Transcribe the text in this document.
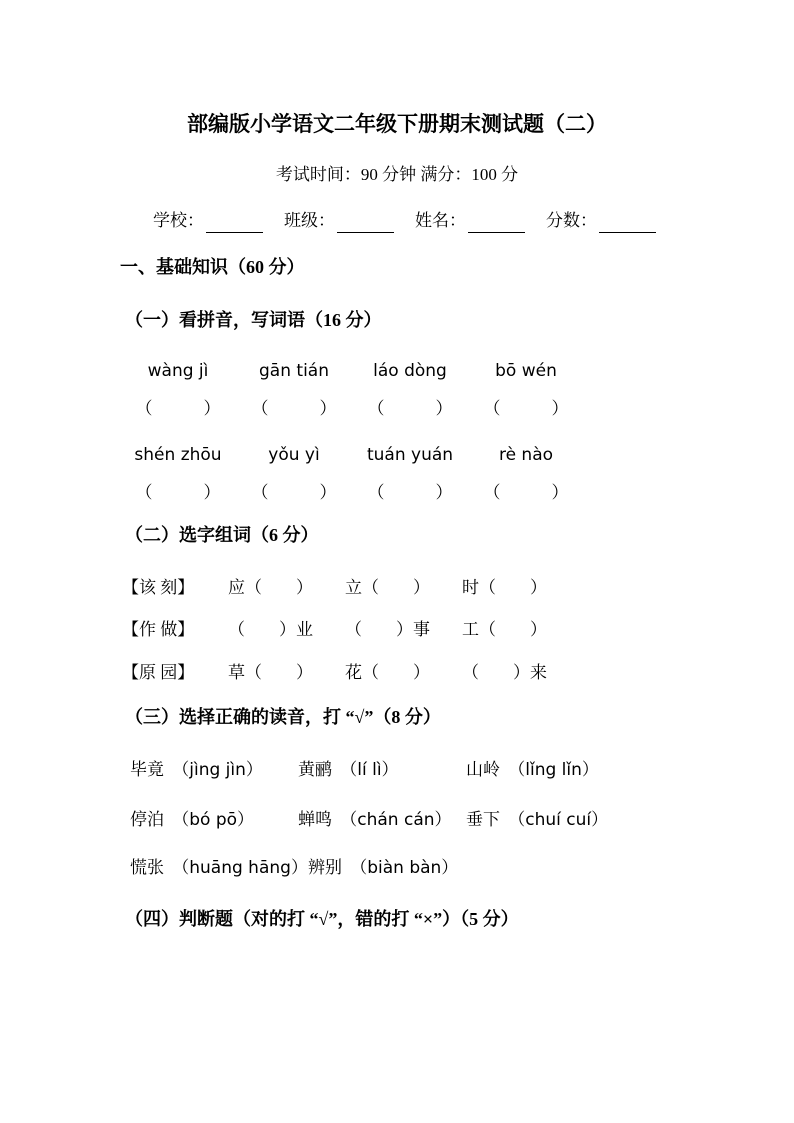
部编版小学语文二年级下册期末测试题（二）
考试时间：90 分钟 满分：100 分
学校：	班级：	姓名：	分数：
一、基础知识（60 分）
（一）看拼音，写词语（16 分）
wàng jì	gān tián	láo dòng	bō wén
（　　　）	（　　　）	（　　　）	（　　　）
shén zhōu	yǒu yì	tuán yuán	rè nào
（　　　）	（　　　）	（　　　）	（　　　）
（二）选字组词（6 分）
【该 刻】 应（　　） 立（　　） 时（　　）
【作 做】 （　　）业 （　　）事 工（　　）
【原 园】 草（　　） 花（　　） （　　）来
（三）选择正确的读音，打 “√”（8 分）
毕竟 （jìng jìn）	黄鹂 （lí lì）	山岭 （lǐng lǐn）
停泊 （bó pō）	蝉鸣 （chán cán） 垂下 （chuí cuí）
慌张 （huāng hāng） 辨别 （biàn bàn）
（四）判断题（对的打 “√”，错的打 “×”）（5 分）
